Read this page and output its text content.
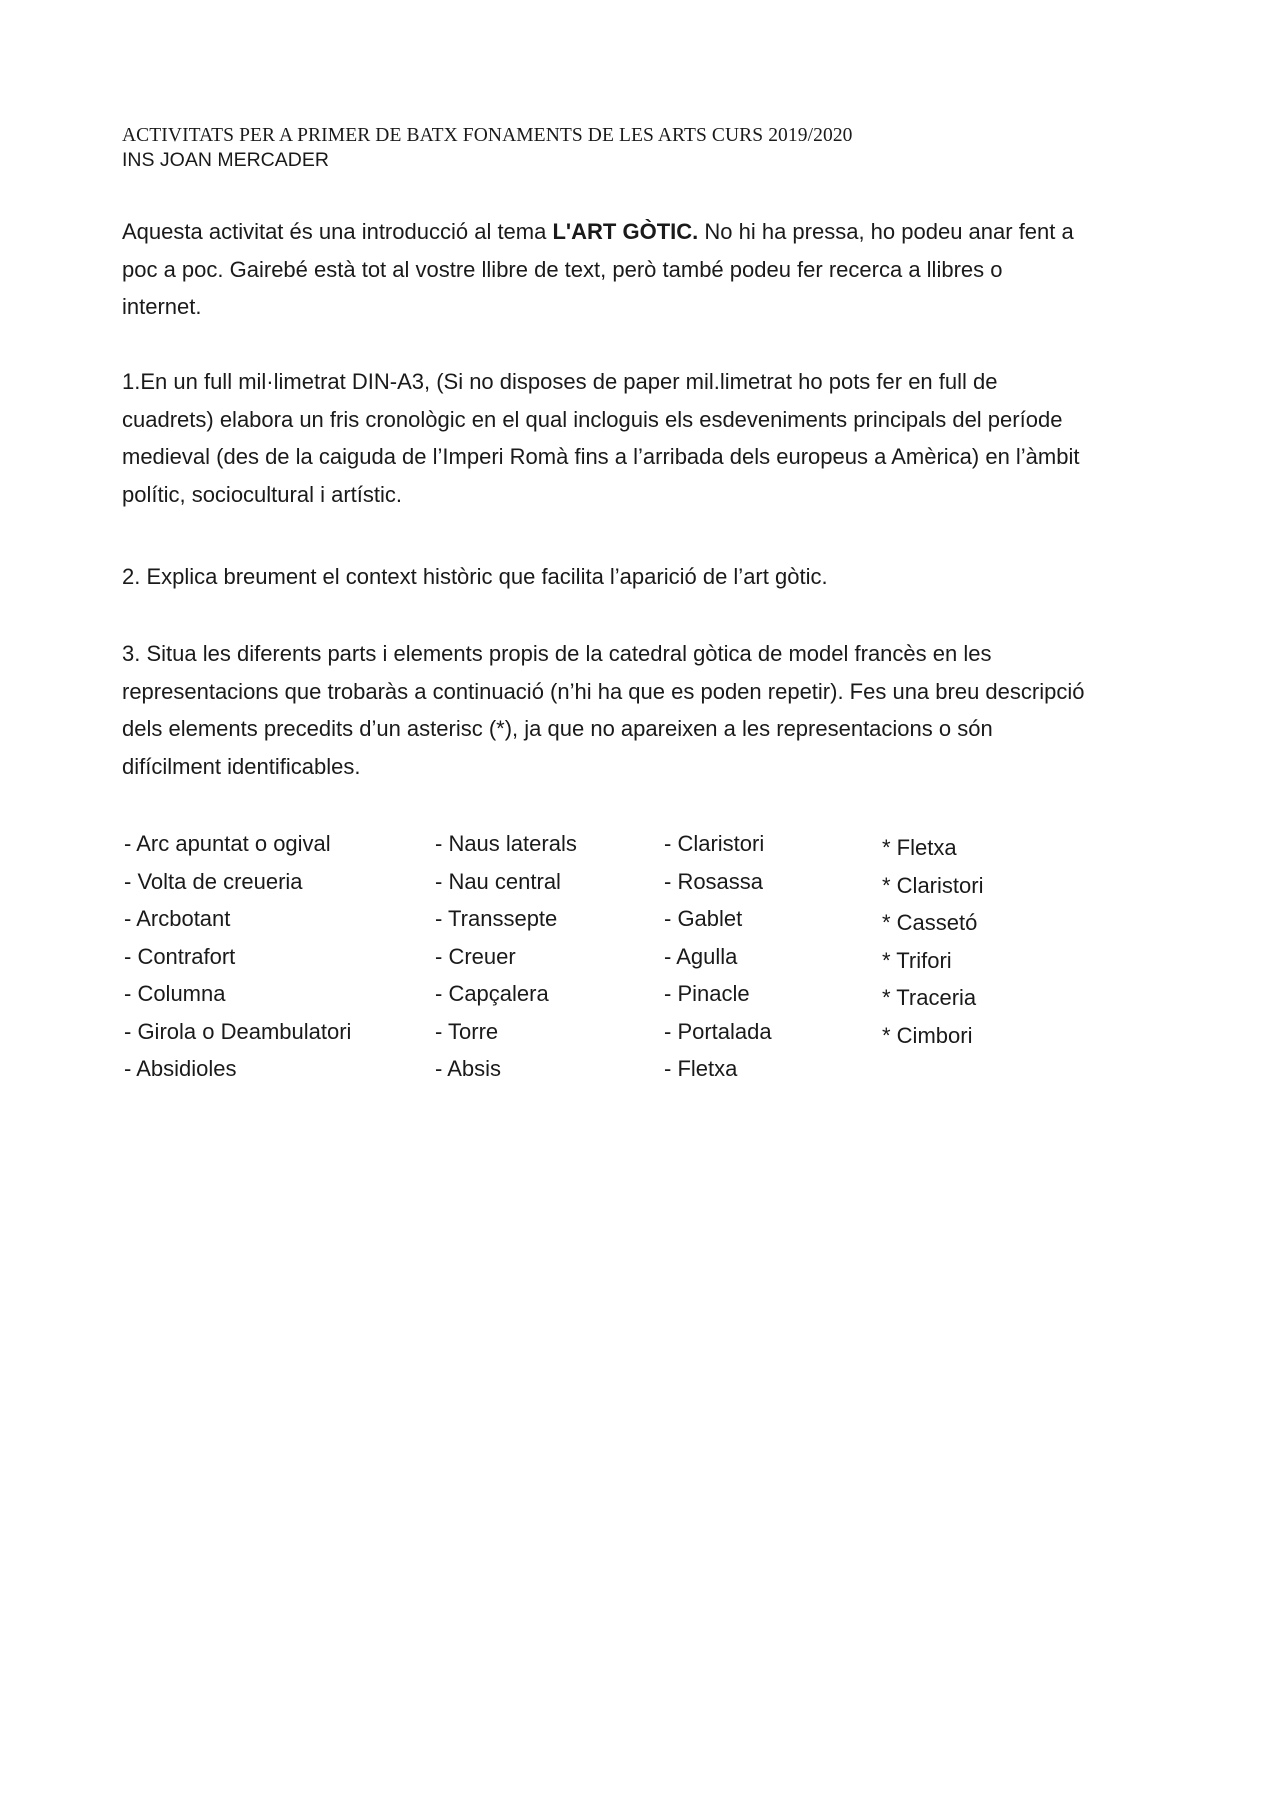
ACTIVITATS PER A PRIMER DE BATX FONAMENTS DE LES ARTS CURS 2019/2020
INS JOAN MERCADER

Aquesta activitat és una introducció al tema L'ART GÒTIC. No hi ha pressa, ho podeu anar fent a
poc a poc. Gairebé està tot al vostre llibre de text, però també podeu fer recerca a llibres o
internet.

1.En un full mil·limetrat DIN-A3, (Si no disposes de paper mil.limetrat ho pots fer en full de
cuadrets) elabora un fris cronològic en el qual incloguis els esdeveniments principals del període
medieval (des de la caiguda de l’Imperi Romà fins a l’arribada dels europeus a Amèrica) en l’àmbit
polític, sociocultural i artístic.

2. Explica breument el context històric que facilita l’aparició de l’art gòtic.

3. Situa les diferents parts i elements propis de la catedral gòtica de model francès en les
representacions que trobaràs a continuació (n’hi ha que es poden repetir). Fes una breu descripció
dels elements precedits d’un asterisc (*), ja que no apareixen a les representacions o són
difícilment identificables.

- Arc apuntat o ogival
- Volta de creueria
- Arcbotant
- Contrafort
- Columna
- Girola o Deambulatori
- Absidioles
- Naus laterals
- Nau central
- Transsepte
- Creuer
- Capçalera
- Torre
- Absis
- Claristori
- Rosassa
- Gablet
- Agulla
- Pinacle
- Portalada
- Fletxa
* Fletxa
* Claristori
* Cassetó
* Trifori
* Traceria
* Cimbori
